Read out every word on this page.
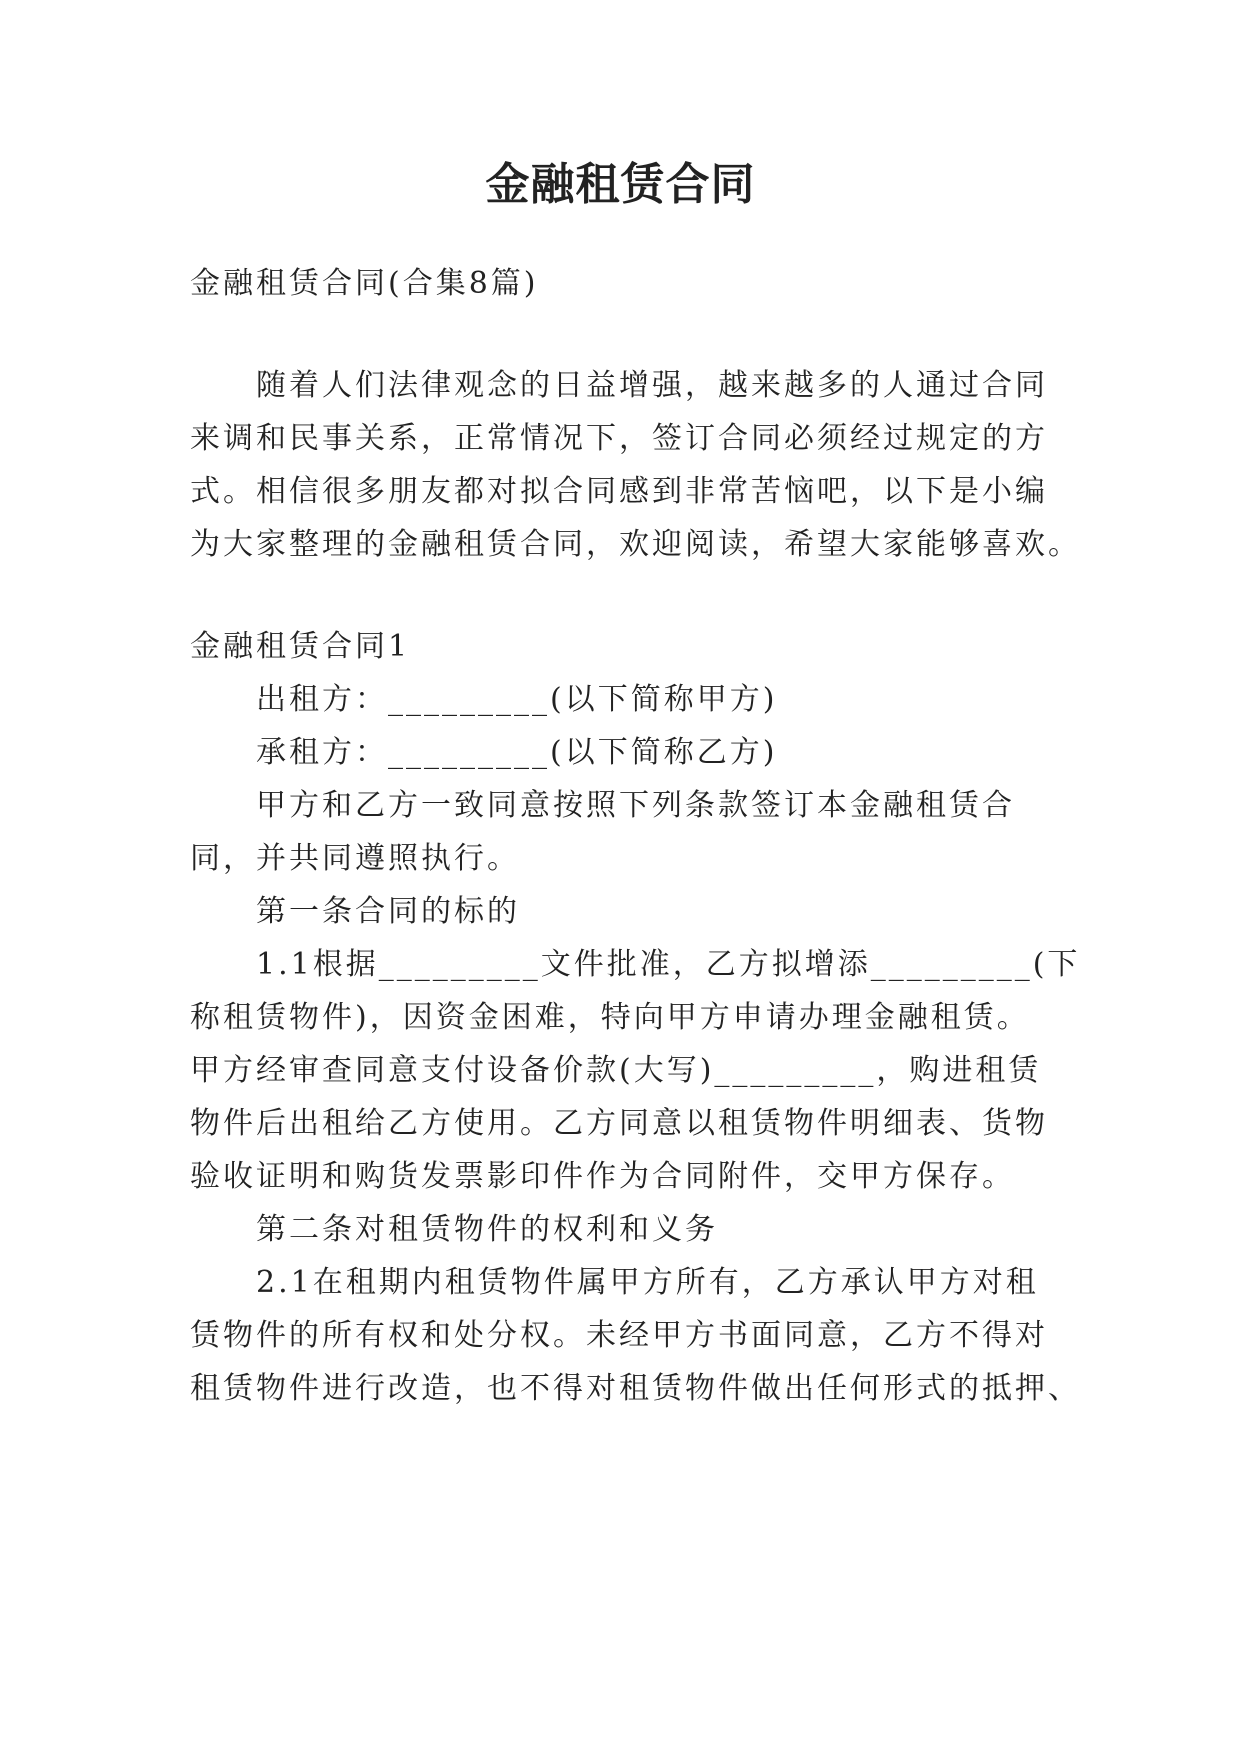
金融租赁合同
金融租赁合同(合集8篇)
随着人们法律观念的日益增强，越来越多的人通过合同
来调和民事关系，正常情况下，签订合同必须经过规定的方
式。相信很多朋友都对拟合同感到非常苦恼吧，以下是小编
为大家整理的金融租赁合同，欢迎阅读，希望大家能够喜欢。
金融租赁合同1
出租方：_________(以下简称甲方)
承租方：_________(以下简称乙方)
甲方和乙方一致同意按照下列条款签订本金融租赁合
同，并共同遵照执行。
第一条合同的标的
1.1根据_________文件批准，乙方拟增添_________(下
称租赁物件)，因资金困难，特向甲方申请办理金融租赁。
甲方经审查同意支付设备价款(大写)_________，购进租赁
物件后出租给乙方使用。乙方同意以租赁物件明细表、货物
验收证明和购货发票影印件作为合同附件，交甲方保存。
第二条对租赁物件的权利和义务
2.1在租期内租赁物件属甲方所有，乙方承认甲方对租
赁物件的所有权和处分权。未经甲方书面同意，乙方不得对
租赁物件进行改造，也不得对租赁物件做出任何形式的抵押、
